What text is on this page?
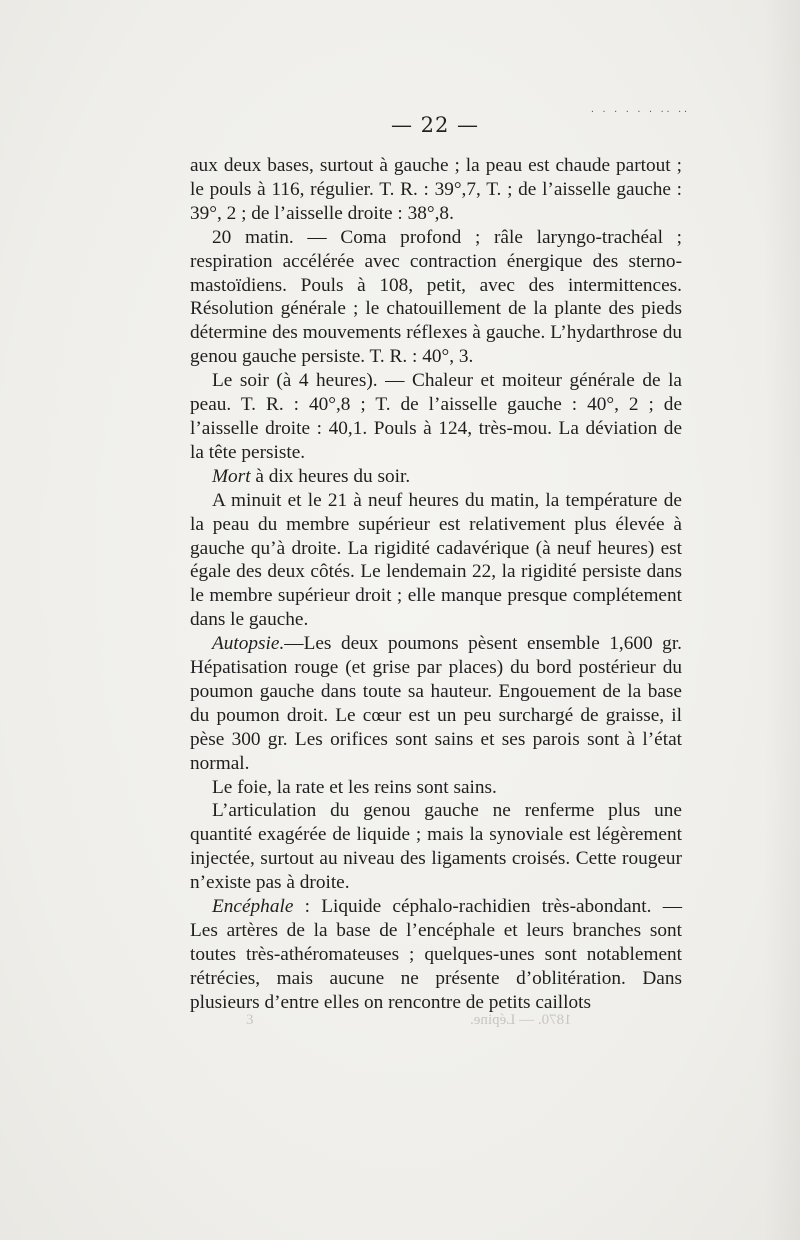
· · · · · · ·· ··
— 22 —

aux deux bases, surtout à gauche ; la peau est chaude partout ; le pouls à 116, régulier. T. R. : 39°,7, T. ; de l’aisselle gauche : 39°, 2 ; de l’aisselle droite : 38°,8.

20 matin. — Coma profond ; râle laryngo-trachéal ; respiration accélérée avec contraction énergique des sterno-mastoïdiens. Pouls à 108, petit, avec des intermittences. Résolution générale ; le chatouillement de la plante des pieds détermine des mouvements réflexes à gauche. L’hydarthrose du genou gauche persiste. T. R. : 40°, 3.

Le soir (à 4 heures). — Chaleur et moiteur générale de la peau. T. R. : 40°,8 ; T. de l’aisselle gauche : 40°, 2 ; de l’aisselle droite : 40,1. Pouls à 124, très-mou. La déviation de la tête persiste.

Mort à dix heures du soir.

A minuit et le 21 à neuf heures du matin, la température de la peau du membre supérieur est relativement plus élevée à gauche qu’à droite. La rigidité cadavérique (à neuf heures) est égale des deux côtés. Le lendemain 22, la rigidité persiste dans le membre supérieur droit ; elle manque presque complétement dans le gauche.

Autopsie.—Les deux poumons pèsent ensemble 1,600 gr. Hépatisation rouge (et grise par places) du bord postérieur du poumon gauche dans toute sa hauteur. Engouement de la base du poumon droit. Le cœur est un peu surchargé de graisse, il pèse 300 gr. Les orifices sont sains et ses parois sont à l’état normal.

Le foie, la rate et les reins sont sains.

L’articulation du genou gauche ne renferme plus une quantité exagérée de liquide ; mais la synoviale est légèrement injectée, surtout au niveau des ligaments croisés. Cette rougeur n’existe pas à droite.

Encéphale : Liquide céphalo-rachidien très-abondant. — Les artères de la base de l’encéphale et leurs branches sont toutes très-athéromateuses ; quelques-unes sont notablement rétrécies, mais aucune ne présente d’oblitération. Dans plusieurs d’entre elles on rencontre de petits caillots

3	1870. — Lépine.
